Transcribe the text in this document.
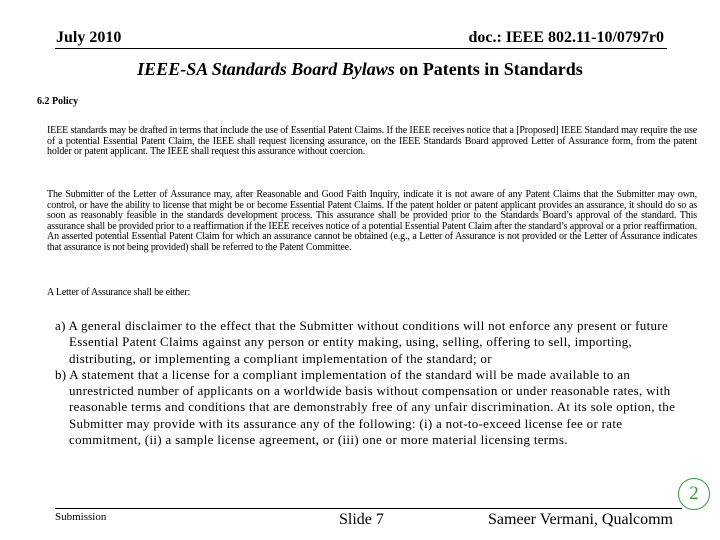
July 2010	doc.: IEEE 802.11-10/0797r0
IEEE-SA Standards Board Bylaws on Patents in Standards
6.2 Policy
IEEE standards may be drafted in terms that include the use of Essential Patent Claims. If the IEEE receives notice that a [Proposed] IEEE Standard may require the use of a potential Essential Patent Claim, the IEEE shall request licensing assurance, on the IEEE Standards Board approved Letter of Assurance form, from the patent holder or patent applicant. The IEEE shall request this assurance without coercion.
The Submitter of the Letter of Assurance may, after Reasonable and Good Faith Inquiry, indicate it is not aware of any Patent Claims that the Submitter may own, control, or have the ability to license that might be or become Essential Patent Claims. If the patent holder or patent applicant provides an assurance, it should do so as soon as reasonably feasible in the standards development process. This assurance shall be provided prior to the Standards Board’s approval of the standard. This assurance shall be provided prior to a reaffirmation if the IEEE receives notice of a potential Essential Patent Claim after the standard’s approval or a prior reaffirmation. An asserted potential Essential Patent Claim for which an assurance cannot be obtained (e.g., a Letter of Assurance is not provided or the Letter of Assurance indicates that assurance is not being provided) shall be referred to the Patent Committee.
A Letter of Assurance shall be either:

a) A general disclaimer to the effect that the Submitter without conditions will not enforce any present or future Essential Patent Claims against any person or entity making, using, selling, offering to sell, importing, distributing, or implementing a compliant implementation of the standard; or

b) A statement that a license for a compliant implementation of the standard will be made available to an unrestricted number of applicants on a worldwide basis without compensation or under reasonable rates, with reasonable terms and conditions that are demonstrably free of any unfair discrimination. At its sole option, the Submitter may provide with its assurance any of the following: (i) a not-to-exceed license fee or rate commitment, (ii) a sample license agreement, or (iii) one or more material licensing terms.

2
Submission	Slide 7	Sameer Vermani, Qualcomm
